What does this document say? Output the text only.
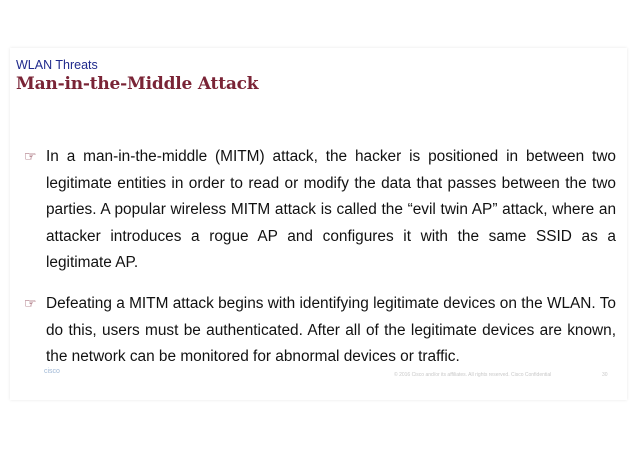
WLAN Threats
Man-in-the-Middle Attack
☞ In a man-in-the-middle (MITM) attack, the hacker is positioned in between two legitimate entities in order to read or modify the data that passes between the two parties. A popular wireless MITM attack is called the “evil twin AP” attack, where an attacker introduces a rogue AP and configures it with the same SSID as a legitimate AP.
☞ Defeating a MITM attack begins with identifying legitimate devices on the WLAN. To do this, users must be authenticated. After all of the legitimate devices are known, the network can be monitored for abnormal devices or traffic.
cisco	© 2016 Cisco and/or its affiliates. All rights reserved. Cisco Confidential	30
